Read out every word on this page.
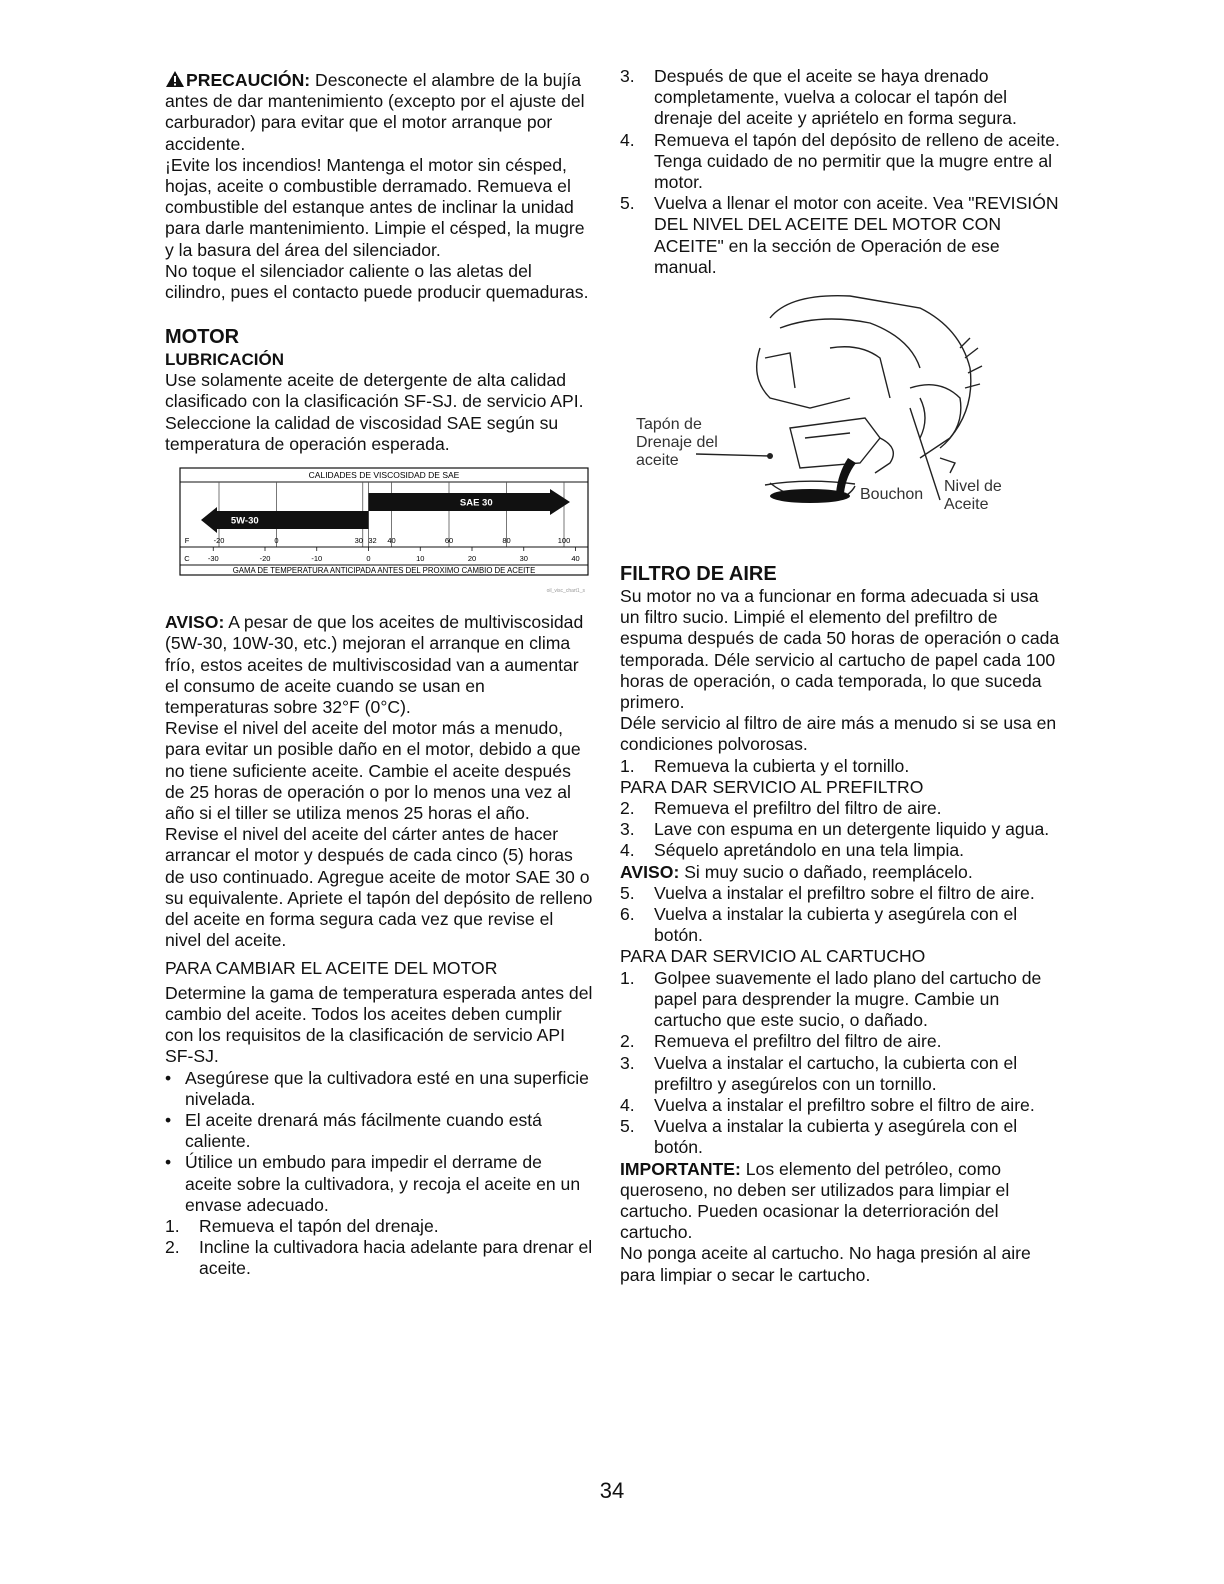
PRECAUCIÓN: Desconecte el alambre de la bujía antes de dar mantenimiento (excepto por el ajuste del carburador) para evitar que el motor arranque por accidente.

¡Evite los incendios! Mantenga el motor sin césped, hojas, aceite o combustible derramado. Remueva el combustible del estanque antes de inclinar la unidad para darle mantenimiento. Limpie el césped, la mugre y la basura del área del silenciador.

No toque el silenciador caliente o las aletas del cilindro, pues el contacto puede producir quemaduras.

MOTOR
LUBRICACIÓN

Use solamente aceite de detergente de alta calidad clasificado con la clasificación SF-SJ. de servicio API. Seleccione la calidad de viscosidad SAE según su temperatura de operación esperada.

CALIDADES DE VISCOSIDAD DE SAE
SAE 30
5W-30
F	-20	0	30 32 40	60	80	100
C -30	-20	-10	0	10	20	30	40
GAMA DE TEMPERATURA ANTICIPADA ANTES DEL PROXIMO CAMBIO DE ACEITE
oil_visc_chart1_s

AVISO: A pesar de que los aceites de multiviscosidad (5W-30, 10W-30, etc.) mejoran el arranque en clima frío, estos aceites de multiviscosidad van a aumentar el consumo de aceite cuando se usan en temperaturas sobre 32°F (0°C).

Revise el nivel del aceite del motor más a menudo, para evitar un posible daño en el motor, debido a que no tiene suficiente aceite. Cambie el aceite después de 25 horas de operación o por lo menos una vez al año si el tiller se utiliza menos 25 horas el año.

Revise el nivel del aceite del cárter antes de hacer arrancar el motor y después de cada cinco (5) horas de uso continuado. Agregue aceite de motor SAE 30 o su equivalente. Apriete el tapón del depósito de relleno del aceite en forma segura cada vez que revise el nivel del aceite.

PARA CAMBIAR EL ACEITE DEL MOTOR

Determine la gama de temperatura esperada antes del cambio del aceite. Todos los aceites deben cumplir con los requisitos de la clasificación de servicio API SF-SJ.

• Asegúrese que la cultivadora esté en una superficie nivelada.
• El aceite drenará más fácilmente cuando está caliente.
• Útilice un embudo para impedir el derrame de aceite sobre la cultivadora, y recoja el aceite en un envase adecuado.
1.	Remueva el tapón del drenaje.
2.	Incline la cultivadora hacia adelante para drenar el aceite.
3.	Después de que el aceite se haya drenado completamente, vuelva a colocar el tapón del drenaje del aceite y apriételo en forma segura.
4.	Remueva el tapón del depósito de relleno de aceite. Tenga cuidado de no permitir que la mugre entre al motor.
5.	Vuelva a llenar el motor con aceite. Vea "REVISIÓN DEL NIVEL DEL ACEITE DEL MOTOR CON ACEITE" en la sección de Operación de ese manual.
Tapón de Drenaje del aceite
Bouchon Nivel de Aceite
FILTRO DE AIRE

Su motor no va a funcionar en forma adecuada si usa un filtro sucio. Limpié el elemento del prefiltro de espuma después de cada 50 horas de operación o cada temporada. Déle servicio al cartucho de papel cada 100 horas de operación, o cada temporada, lo que suceda primero.

Déle servicio al filtro de aire más a menudo si se usa en condiciones polvorosas.

1.	Remueva la cubierta y el tornillo.
PARA DAR SERVICIO AL PREFILTRO
2.	Remueva el prefiltro del filtro de aire.
3.	Lave con espuma en un detergente liquido y agua.
4.	Séquelo apretándolo en una tela limpia.

AVISO: Si muy sucio o dañado, reemplácelo.

5.	Vuelva a instalar el prefiltro sobre el filtro de aire.
6.	Vuelva a instalar la cubierta y asegúrela con el botón.
PARA DAR SERVICIO AL CARTUCHO
1.	Golpee suavemente el lado plano del cartucho de papel para desprender la mugre. Cambie un cartucho que este sucio, o dañado.
2.	Remueva el prefiltro del filtro de aire.
3.	Vuelva a instalar el cartucho, la cubierta con el prefiltro y asegúrelos con un tornillo.
4.	Vuelva a instalar el prefiltro sobre el filtro de aire.
5.	Vuelva a instalar la cubierta y asegúrela con el botón.

IMPORTANTE: Los elemento del petróleo, como queroseno, no deben ser utilizados para limpiar el cartucho. Pueden ocasionar la deterrioración del cartucho.

No ponga aceite al cartucho. No haga presión al aire para limpiar o secar le cartucho.

34
